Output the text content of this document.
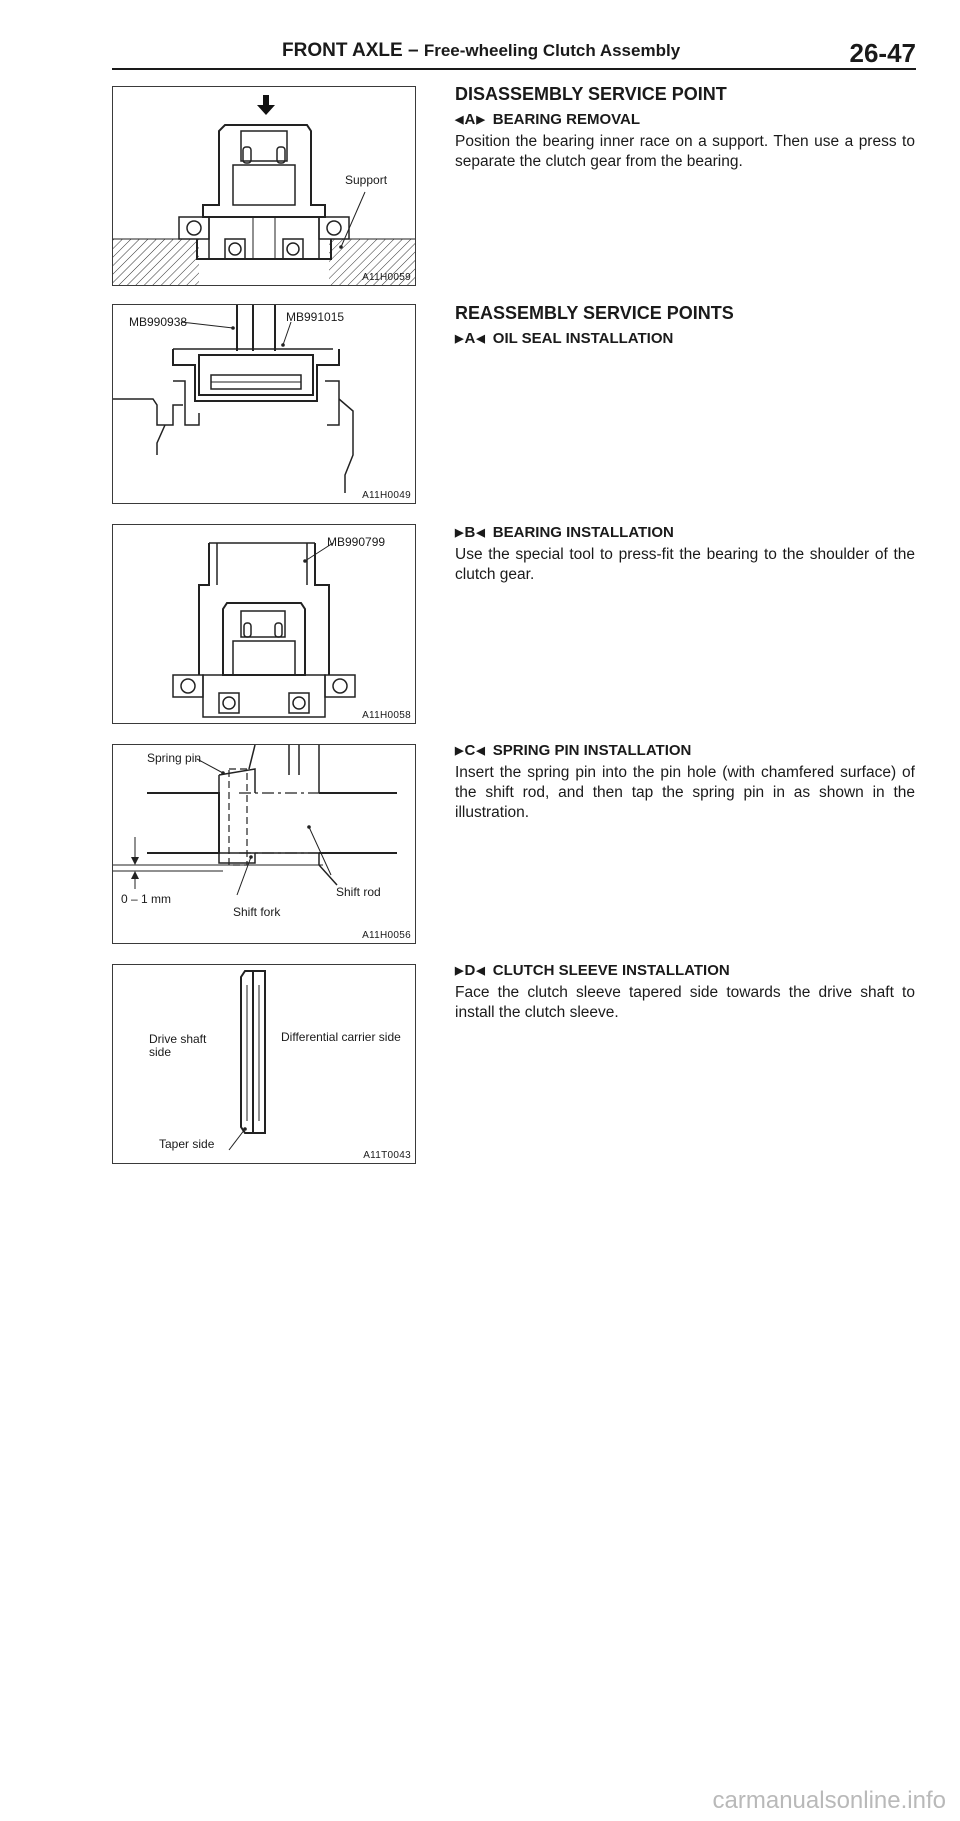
FRONT AXLE – Free-wheeling Clutch Assembly	26-47
Support
A11H0059
MB990938	MB991015
A11H0049
MB990799
A11H0058
Spring pin
0 – 1 mm
Shift fork
Shift rod
A11H0056
Drive shaft side
Differential carrier side
Taper side
A11T0043
DISASSEMBLY SERVICE POINT
◀ A ▶ BEARING REMOVAL
Position the bearing inner race on a support. Then use a press to separate the clutch gear from the bearing.
REASSEMBLY SERVICE POINTS
▶ A ◀ OIL SEAL INSTALLATION
▶ B ◀ BEARING INSTALLATION
Use the special tool to press-fit the bearing to the shoulder of the clutch gear.
▶ C ◀ SPRING PIN INSTALLATION
Insert the spring pin into the pin hole (with chamfered surface) of the shift rod, and then tap the spring pin in as shown in the illustration.
▶ D ◀ CLUTCH SLEEVE INSTALLATION
Face the clutch sleeve tapered side towards the drive shaft to install the clutch sleeve.
carmanualsonline.info
